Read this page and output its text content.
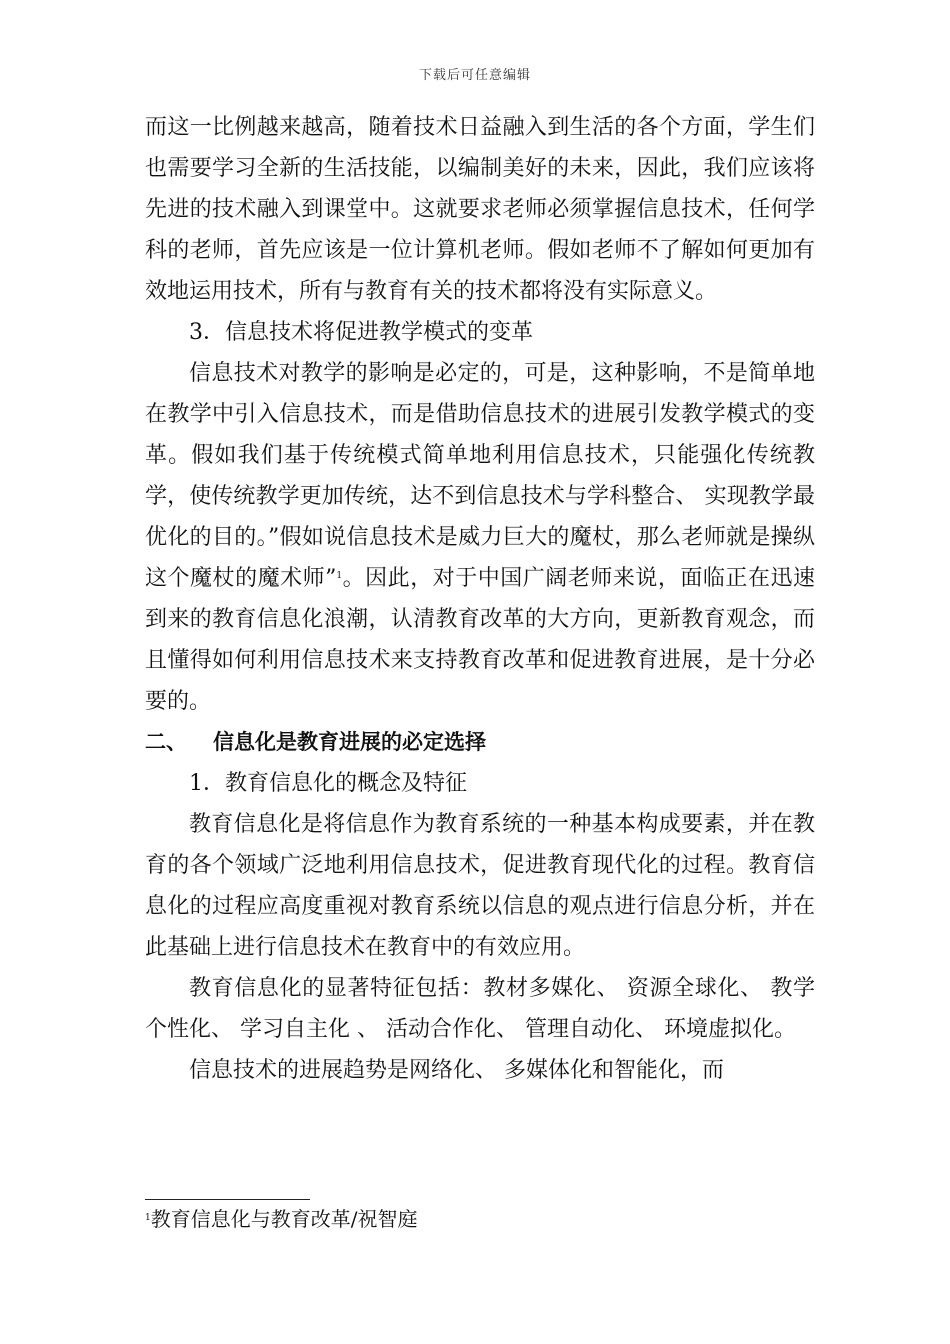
下载后可任意编辑

而这一比例越来越高，随着技术日益融入到生活的各个方面，学生们也需要学习全新的生活技能，以编制美好的未来，因此，我们应该将先进的技术融入到课堂中。这就要求老师必须掌握信息技术，任何学科的老师，首先应该是一位计算机老师。假如老师不了解如何更加有效地运用技术，所有与教育有关的技术都将没有实际意义。

3．信息技术将促进教学模式的变革

信息技术对教学的影响是必定的，可是，这种影响，不是简单地在教学中引入信息技术，而是借助信息技术的进展引发教学模式的变革。假如我们基于传统模式简单地利用信息技术，只能强化传统教学，使传统教学更加传统，达不到信息技术与学科整合、 实现教学最优化的目的。”假如说信息技术是威力巨大的魔杖，那么老师就是操纵这个魔杖的魔术师”$^1$。因此，对于中国广阔老师来说，面临正在迅速到来的教育信息化浪潮，认清教育改革的大方向，更新教育观念，而且懂得如何利用信息技术来支持教育改革和促进教育进展，是十分必要的。

二、 信息化是教育进展的必定选择

1．教育信息化的概念及特征

教育信息化是将信息作为教育系统的一种基本构成要素，并在教育的各个领域广泛地利用信息技术，促进教育现代化的过程。教育信息化的过程应高度重视对教育系统以信息的观点进行信息分析，并在此基础上进行信息技术在教育中的有效应用。

教育信息化的显著特征包括：教材多媒化、 资源全球化、 教学个性化、 学习自主化 、 活动合作化、 管理自动化、 环境虚拟化。

信息技术的进展趋势是网络化、 多媒体化和智能化，而

$^1$教育信息化与教育改革/祝智庭
